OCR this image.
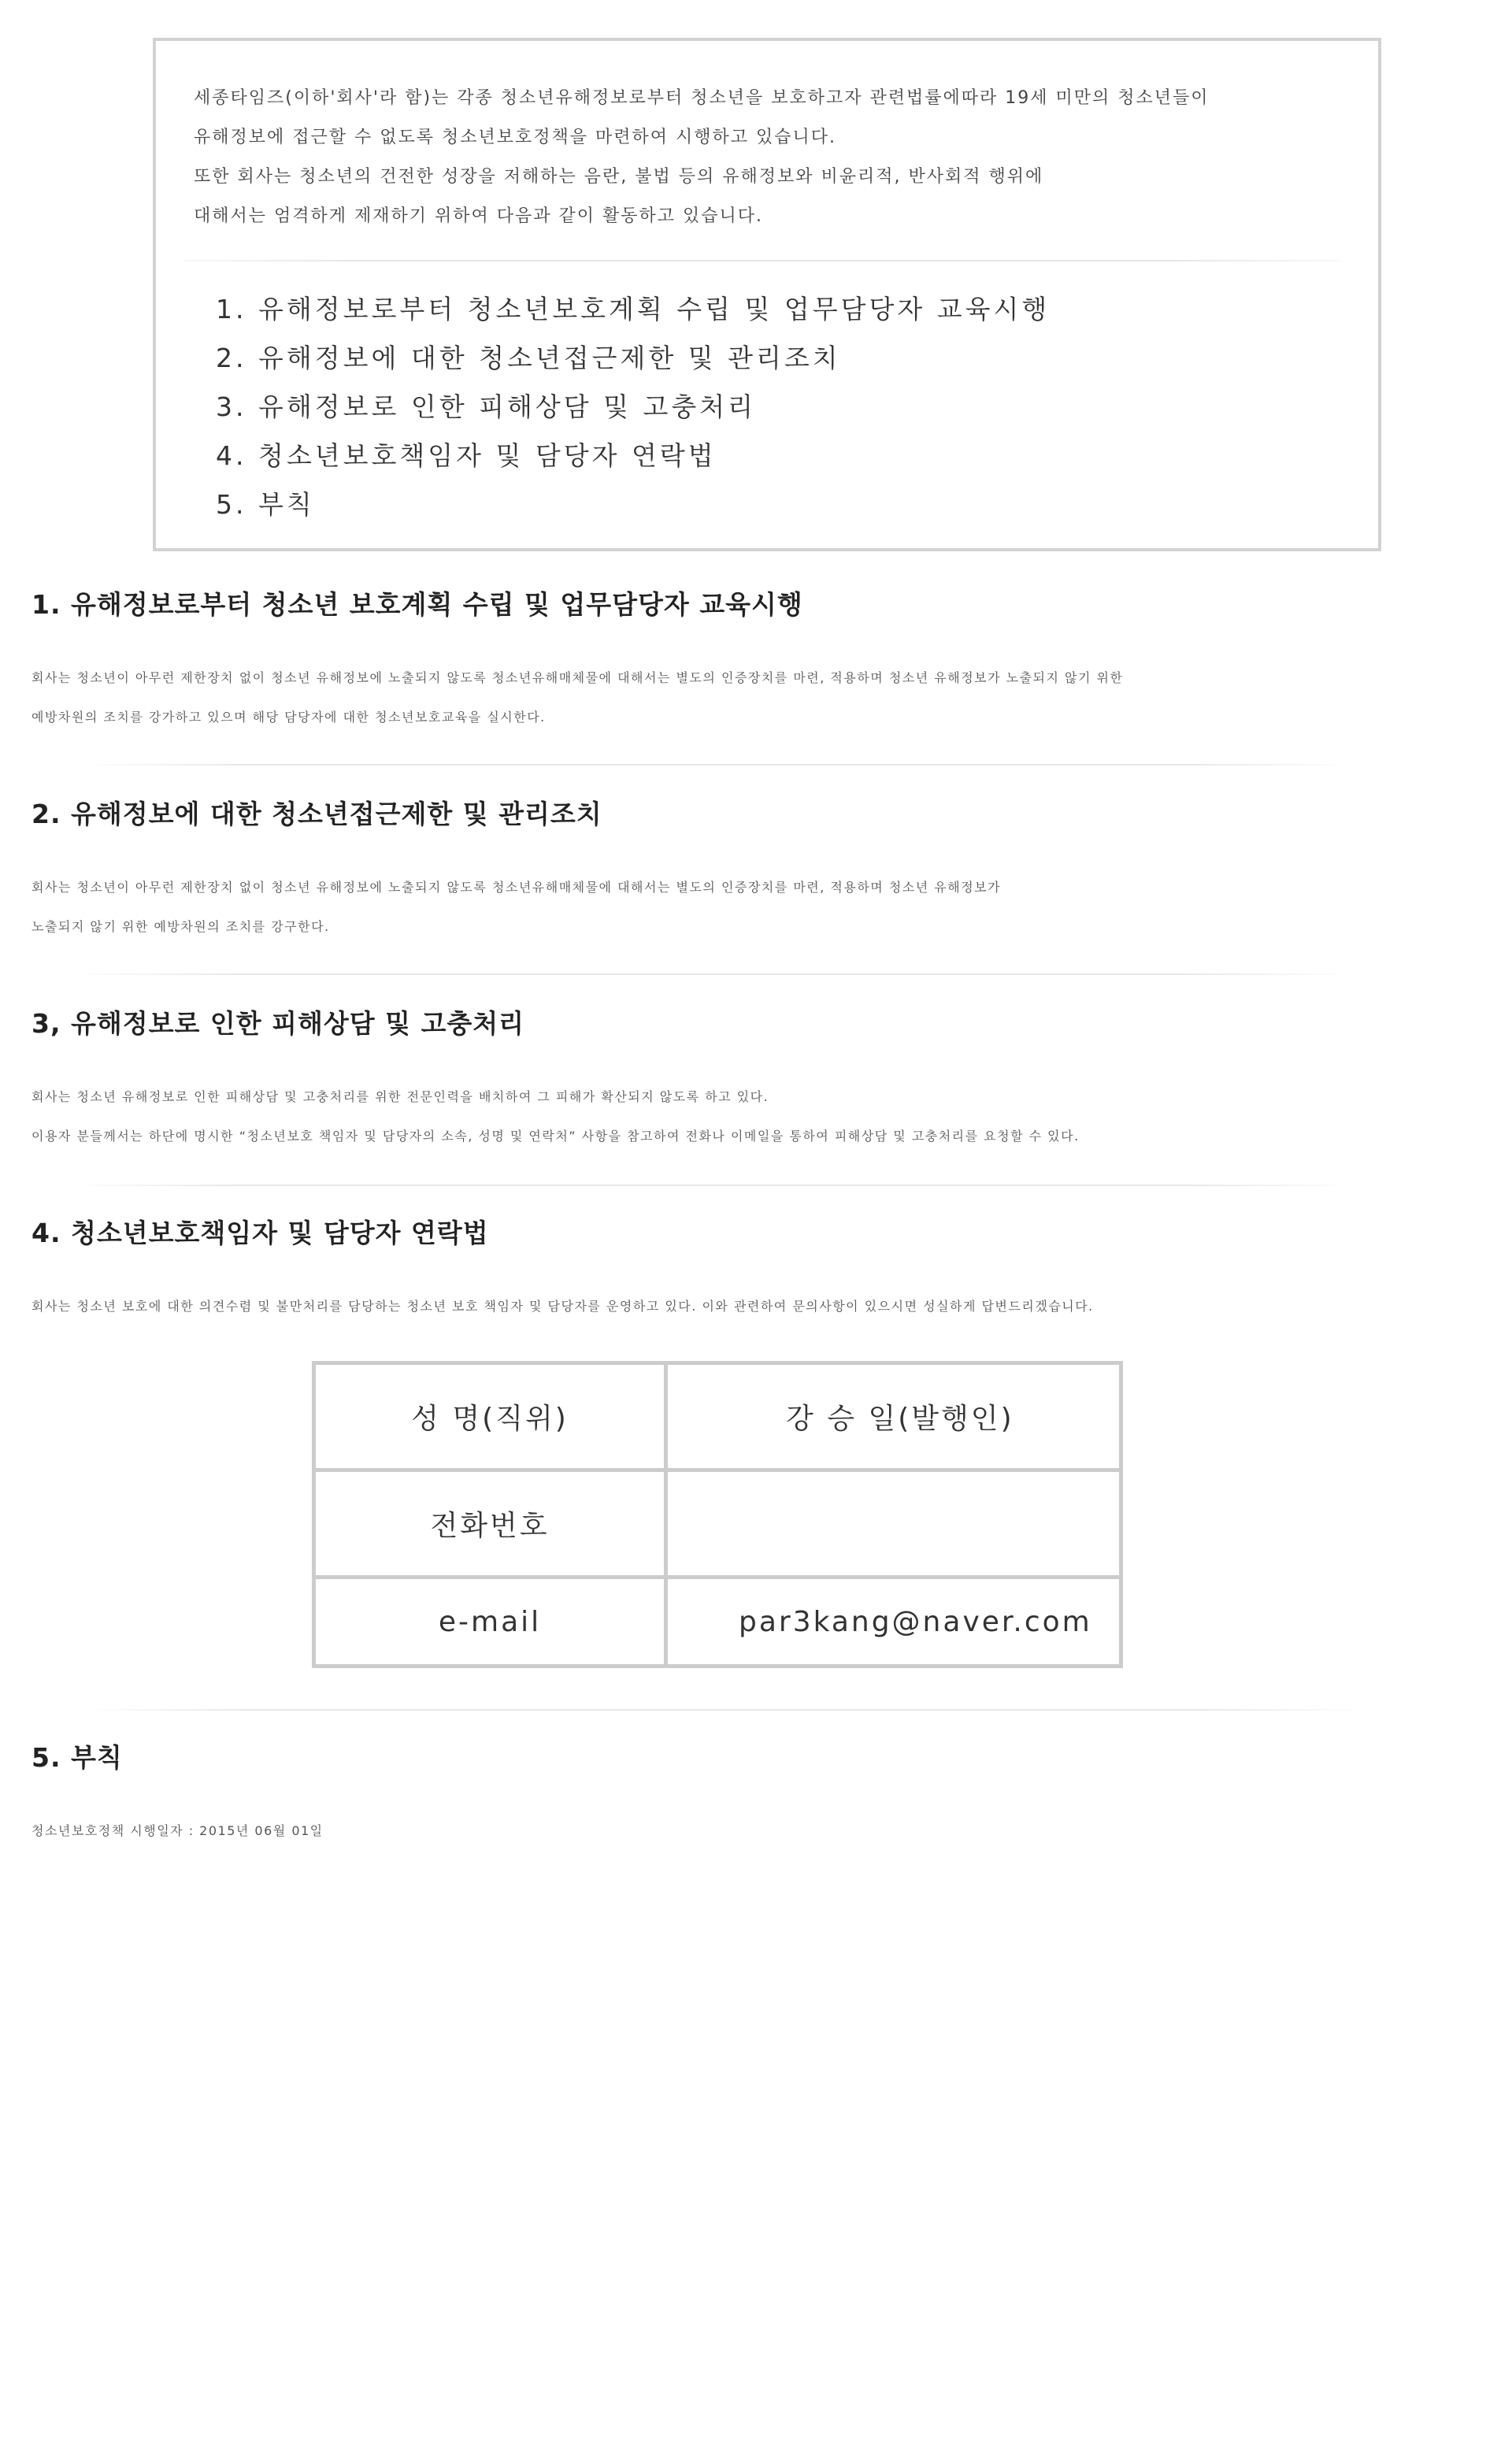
세종타임즈(이하'회사'라 함)는 각종 청소년유해정보로부터 청소년을 보호하고자 관련법률에따라 19세 미만의 청소년들이
유해정보에 접근할 수 없도록 청소년보호정책을 마련하여 시행하고 있습니다.
또한 회사는 청소년의 건전한 성장을 저해하는 음란, 불법 등의 유해정보와 비윤리적, 반사회적 행위에
대해서는 엄격하게 제재하기 위하여 다음과 같이 활동하고 있습니다.
1. 유해정보로부터 청소년보호계획 수립 및 업무담당자 교육시행
2. 유해정보에 대한 청소년접근제한 및 관리조치
3. 유해정보로 인한 피해상담 및 고충처리
4. 청소년보호책임자 및 담당자 연락법
5. 부칙
1. 유해정보로부터 청소년 보호계획 수립 및 업무담당자 교육시행
회사는 청소년이 아무런 제한장치 없이 청소년 유해정보에 노출되지 않도록 청소년유해매체물에 대해서는 별도의 인증장치를 마련, 적용하며 청소년 유해정보가 노출되지 않기 위한
예방차원의 조치를 강가하고 있으며 해당 담당자에 대한 청소년보호교육을 실시한다.
2. 유해정보에 대한 청소년접근제한 및 관리조치
회사는 청소년이 아무런 제한장치 없이 청소년 유해정보에 노출되지 않도록 청소년유해매체물에 대해서는 별도의 인증장치를 마련, 적용하며 청소년 유해정보가
노출되지 않기 위한 예방차원의 조치를 강구한다.
3, 유해정보로 인한 피해상담 및 고충처리
회사는 청소년 유해정보로 인한 피해상담 및 고충처리를 위한 전문인력을 배치하여 그 피해가 확산되지 않도록 하고 있다.
이용자 분들께서는 하단에 명시한 “청소년보호 책임자 및 담당자의 소속, 성명 및 연락처” 사항을 참고하여 전화나 이메일을 통하여 피해상담 및 고충처리를 요청할 수 있다.
4. 청소년보호책임자 및 담당자 연락법
회사는 청소년 보호에 대한 의견수렴 및 불만처리를 담당하는 청소년 보호 책임자 및 담당자를 운영하고 있다. 이와 관련하여 문의사항이 있으시면 성실하게 답변드리겠습니다.
성 명(직위)	강 승 일(발행인)
전화번호	
e-mail	par3kang@naver.com
5. 부칙
청소년보호정책 시행일자 : 2015년 06월 01일
